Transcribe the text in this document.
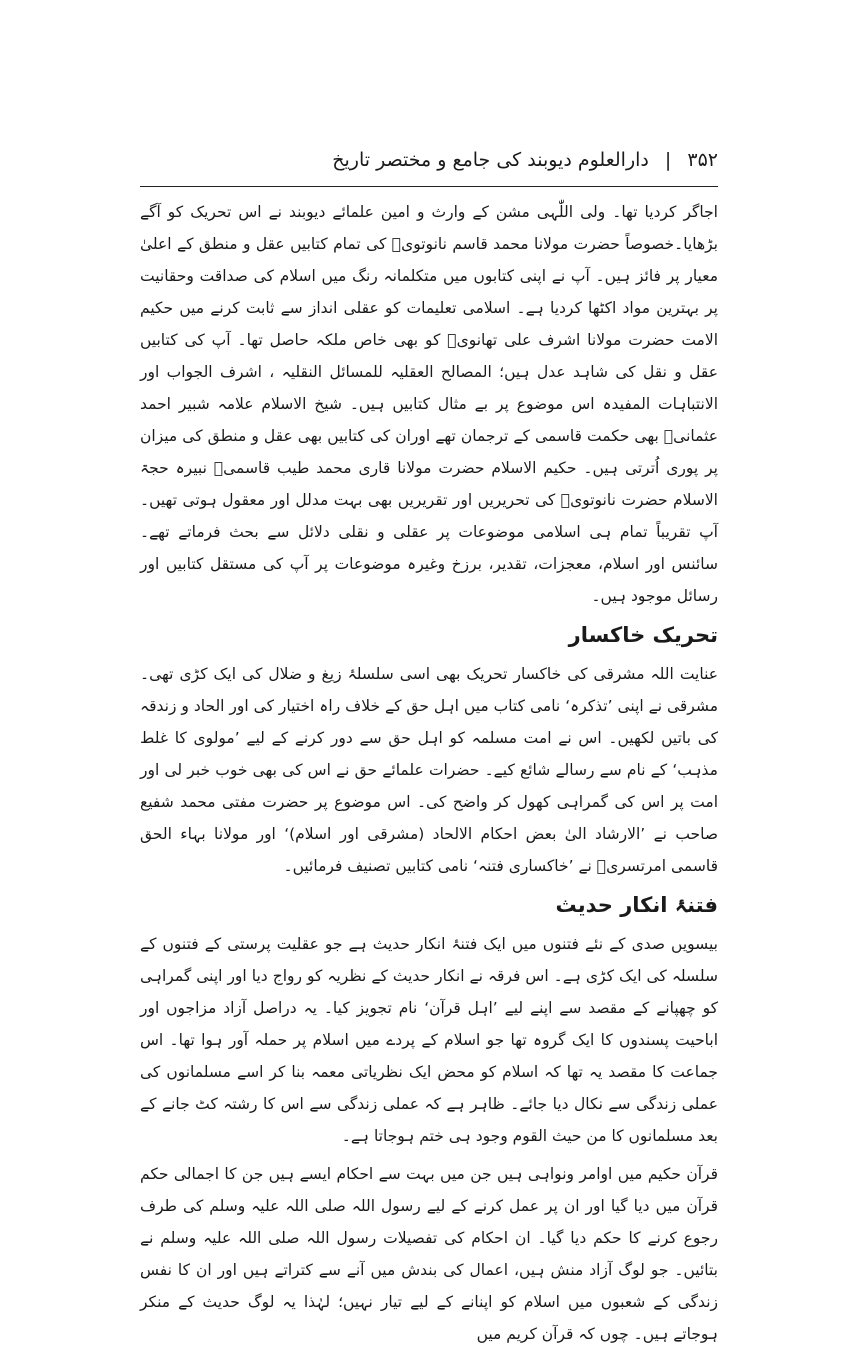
۳۵۲ | دارالعلوم دیوبند کی جامع و مختصر تاریخ

اجاگر کردیا تھا۔ ولی اللّٰہی مشن کے وارث و امین علمائے دیوبند نے اس تحریک کو آگے بڑھایا۔خصوصاً حضرت مولانا محمد قاسم نانوتویؒ کی تمام کتابیں عقل و منطق کے اعلیٰ معیار پر فائز ہیں۔ آپ نے اپنی کتابوں میں متکلمانہ رنگ میں اسلام کی صداقت وحقانیت پر بہترین مواد اکٹھا کردیا ہے۔ اسلامی تعلیمات کو عقلی انداز سے ثابت کرنے میں حکیم الامت حضرت مولانا اشرف علی تھانویؒ کو بھی خاص ملکہ حاصل تھا۔ آپ کی کتابیں عقل و نقل کی شاہد عدل ہیں؛ المصالح العقلیہ للمسائل النقلیہ ، اشرف الجواب اور الانتباہات المفیدہ اس موضوع پر بے مثال کتابیں ہیں۔ شیخ الاسلام علامہ شبیر احمد عثمانیؒ بھی حکمت قاسمی کے ترجمان تھے اوران کی کتابیں بھی عقل و منطق کی میزان پر پوری اُترتی ہیں۔ حکیم الاسلام حضرت مولانا قاری محمد طیب قاسمیؒ نبیرہ حجۃ الاسلام حضرت نانوتویؒ کی تحریریں اور تقریریں بھی بہت مدلل اور معقول ہوتی تھیں۔ آپ تقریباً تمام ہی اسلامی موضوعات پر عقلی و نقلی دلائل سے بحث فرماتے تھے۔ سائنس اور اسلام، معجزات، تقدیر، برزخ وغیرہ موضوعات پر آپ کی مستقل کتابیں اور رسائل موجود ہیں۔

تحریک خاکسار

عنایت اللہ مشرقی کی خاکسار تحریک بھی اسی سلسلۂ زیغ و ضلال کی ایک کڑی تھی۔ مشرقی نے اپنی ’تذکرہ‘ نامی کتاب میں اہل حق کے خلاف راہ اختیار کی اور الحاد و زندقہ کی باتیں لکھیں۔ اس نے امت مسلمہ کو اہل حق سے دور کرنے کے لیے ’مولوی کا غلط مذہب‘ کے نام سے رسالے شائع کیے۔ حضرات علمائے حق نے اس کی بھی خوب خبر لی اور امت پر اس کی گمراہی کھول کر واضح کی۔ اس موضوع پر حضرت مفتی محمد شفیع صاحب نے ’الارشاد الیٰ بعض احکام الالحاد (مشرقی اور اسلام)‘ اور مولانا بہاء الحق قاسمی امرتسریؒ نے ’خاکساری فتنہ‘ نامی کتابیں تصنیف فرمائیں۔

فتنۂ انکار حدیث

بیسویں صدی کے نئے فتنوں میں ایک فتنۂ انکار حدیث ہے جو عقلیت پرستی کے فتنوں کے سلسلہ کی ایک کڑی ہے۔ اس فرقہ نے انکار حدیث کے نظریہ کو رواج دیا اور اپنی گمراہی کو چھپانے کے مقصد سے اپنے لیے ’اہل قرآن‘ نام تجویز کیا۔ یہ دراصل آزاد مزاجوں اور اباحیت پسندوں کا ایک گروہ تھا جو اسلام کے پردے میں اسلام پر حملہ آور ہوا تھا۔ اس جماعت کا مقصد یہ تھا کہ اسلام کو محض ایک نظریاتی معمہ بنا کر اسے مسلمانوں کی عملی زندگی سے نکال دیا جائے۔ ظاہر ہے کہ عملی زندگی سے اس کا رشتہ کٹ جانے کے بعد مسلمانوں کا من حیث القوم وجود ہی ختم ہوجاتا ہے۔

قرآن حکیم میں اوامر ونواہی ہیں جن میں بہت سے احکام ایسے ہیں جن کا اجمالی حکم قرآن میں دیا گیا اور ان پر عمل کرنے کے لیے رسول اللہ صلی اللہ علیہ وسلم کی طرف رجوع کرنے کا حکم دیا گیا۔ ان احکام کی تفصیلات رسول اللہ صلی اللہ علیہ وسلم نے بتائیں۔ جو لوگ آزاد منش ہیں، اعمال کی بندش میں آنے سے کتراتے ہیں اور ان کا نفس زندگی کے شعبوں میں اسلام کو اپنانے کے لیے تیار نہیں؛ لہٰذا یہ لوگ حدیث کے منکر ہوجاتے ہیں۔ چوں کہ قرآن کریم میں
